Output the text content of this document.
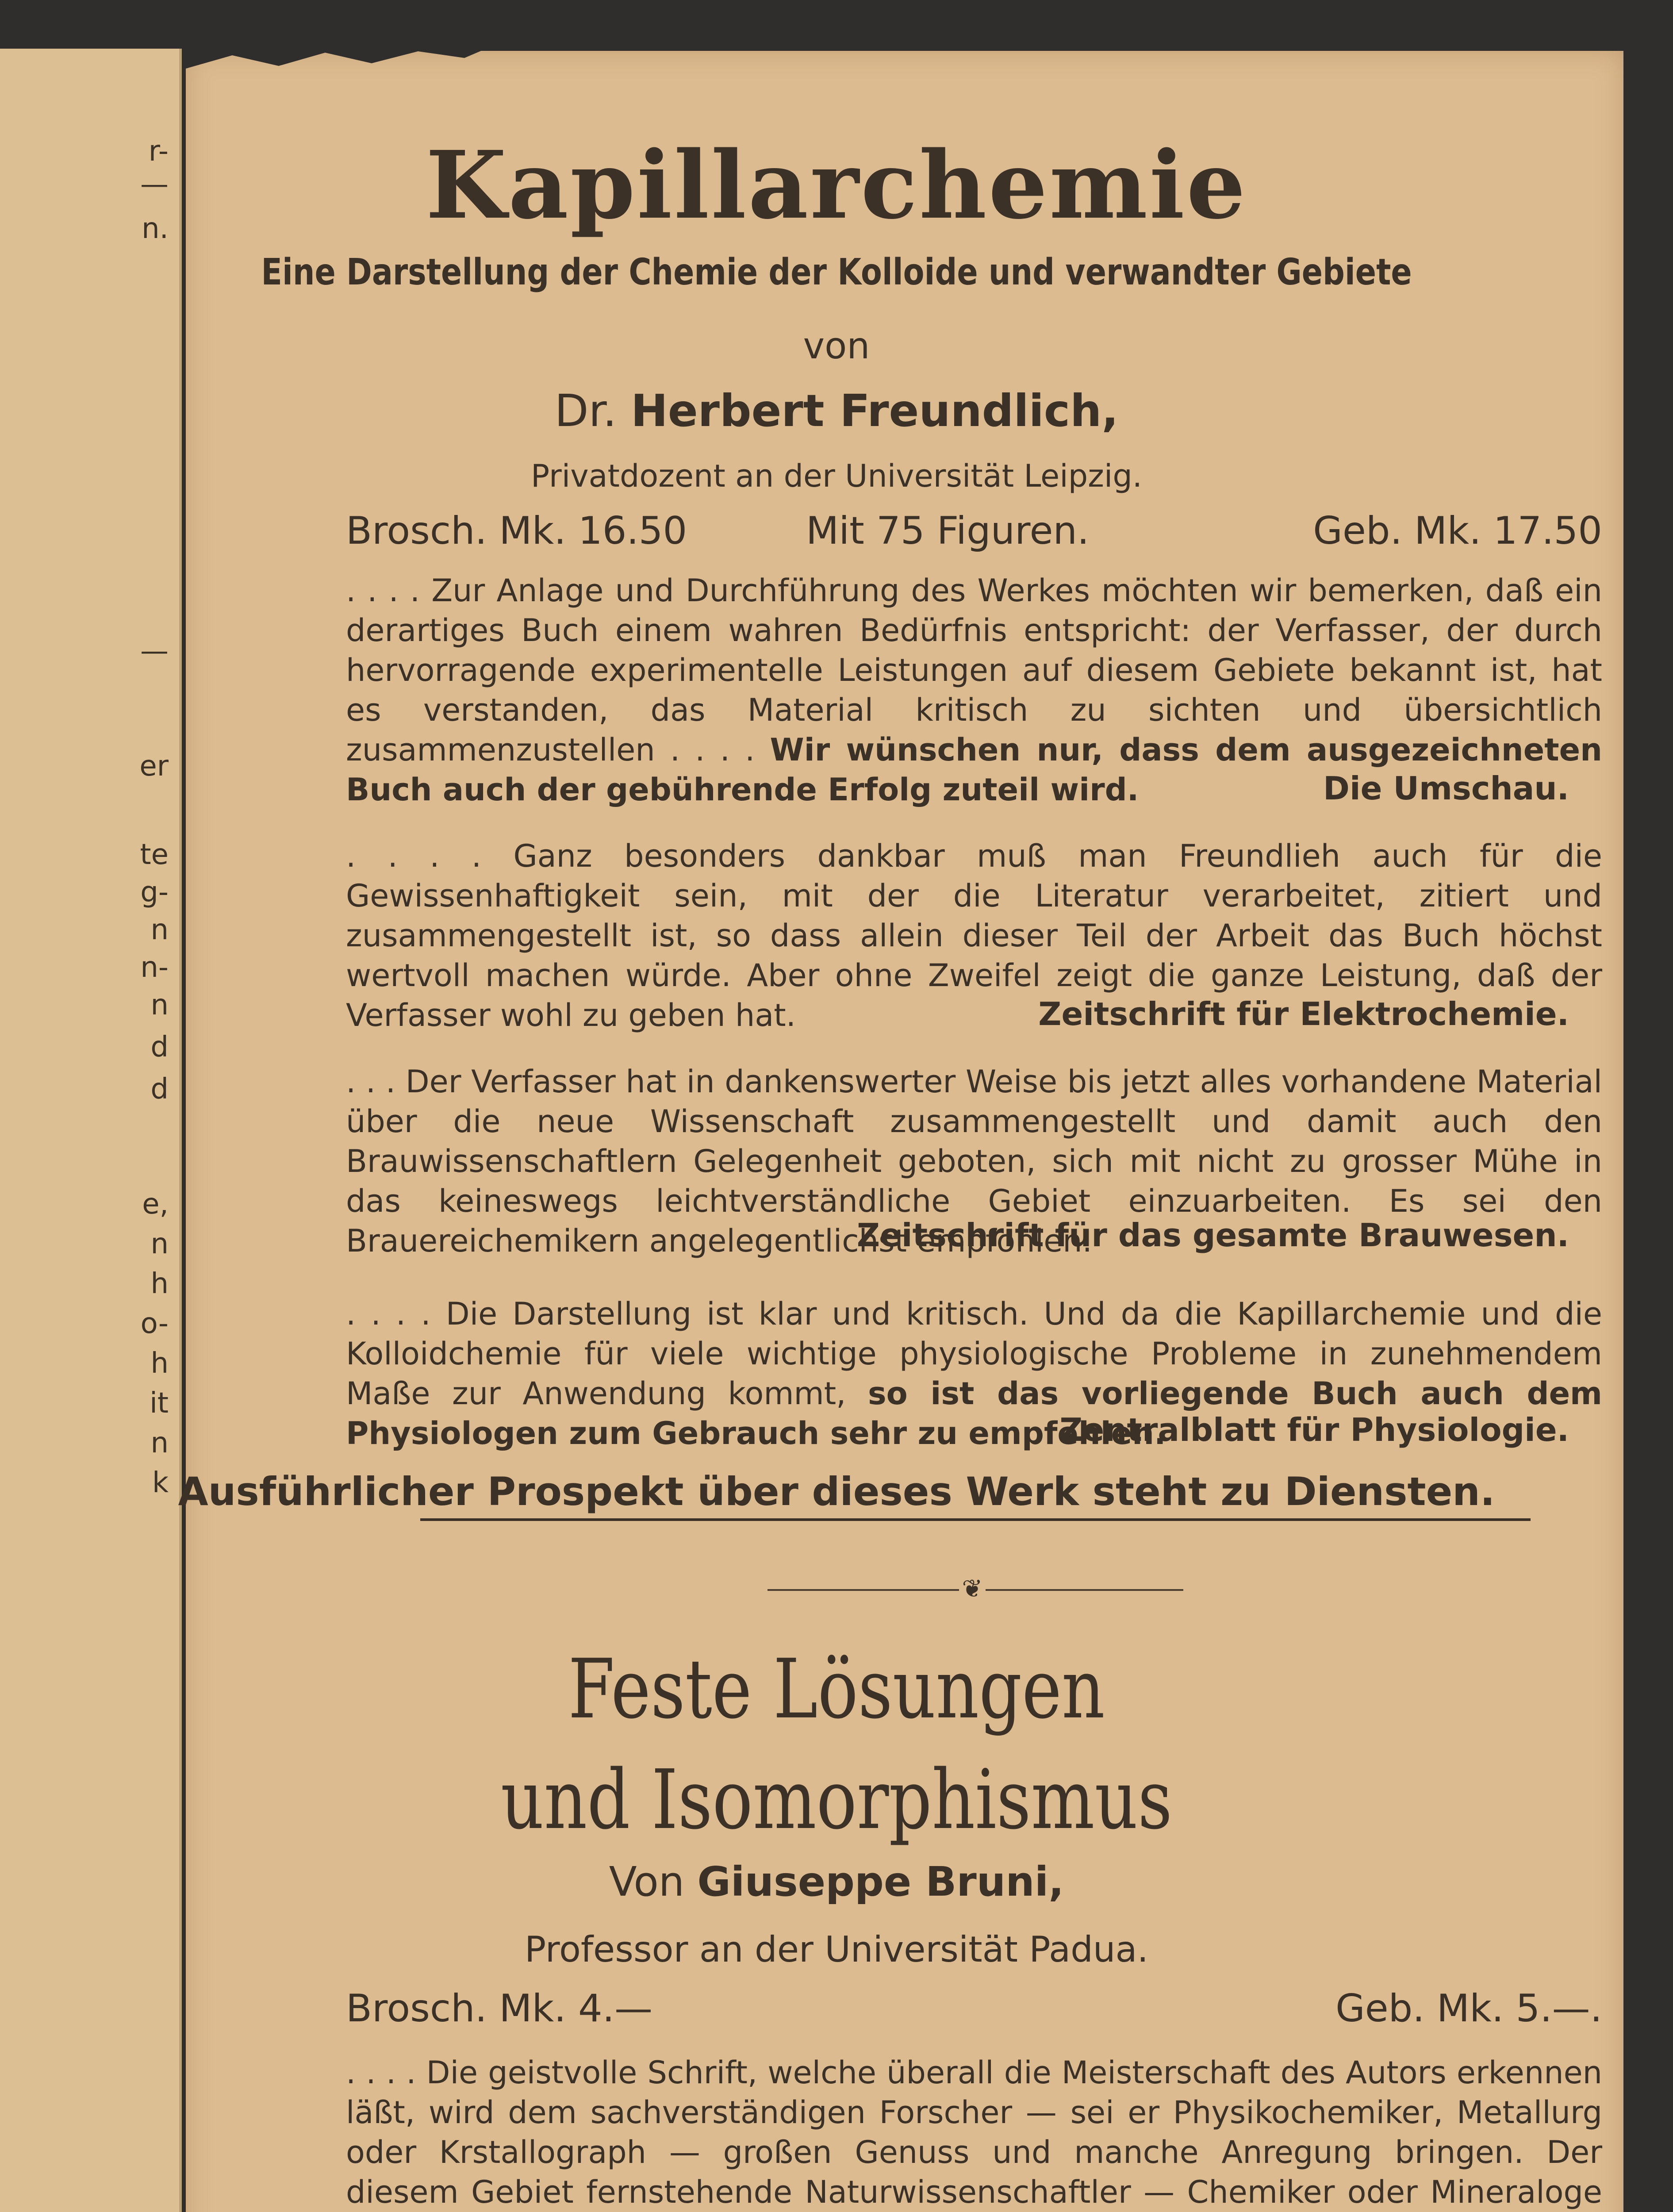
r-
—
n.
—
er
te
g-
n
n-
n
d
d
e,
n
h
o-
h
it
n
k
Kapillarchemie
Eine Darstellung der Chemie der Kolloide und verwandter Gebiete
von
Dr. Herbert Freundlich,
Privatdozent an der Universität Leipzig.
Brosch. Mk. 16.50	Mit 75 Figuren.	Geb. Mk. 17.50
. . . . Zur Anlage und Durchführung des Werkes möchten wir bemerken, daß ein derartiges Buch einem wahren Bedürfnis entspricht: der Verfasser, der durch hervorragende experimentelle Leistungen auf diesem Gebiete bekannt ist, hat es verstanden, das Material kritisch zu sichten und übersichtlich zusammenzustellen . . . . Wir wünschen nur, dass dem ausgezeichneten Buch auch der gebührende Erfolg zuteil wird.	Die Umschau.
. . . . Ganz besonders dankbar muß man Freundlieh auch für die Gewissenhaftigkeit sein, mit der die Literatur verarbeitet, zitiert und zusammengestellt ist, so dass allein dieser Teil der Arbeit das Buch höchst wertvoll machen würde. Aber ohne Zweifel zeigt die ganze Leistung, daß der Verfasser wohl zu geben hat.	Zeitschrift für Elektrochemie.
. . . Der Verfasser hat in dankenswerter Weise bis jetzt alles vorhandene Material über die neue Wissenschaft zusammengestellt und damit auch den Brauwissenschaftlern Gelegenheit geboten, sich mit nicht zu grosser Mühe in das keineswegs leichtverständliche Gebiet einzuarbeiten. Es sei den Brauereichemikern angelegentlichst empfohlen.
Zeitschrift für das gesamte Brauwesen.
. . . . Die Darstellung ist klar und kritisch. Und da die Kapillarchemie und die Kolloidchemie für viele wichtige physiologische Probleme in zunehmendem Maße zur Anwendung kommt, so ist das vorliegende Buch auch dem Physiologen zum Gebrauch sehr zu empfehlen.
Zentralblatt für Physiologie.
Ausführlicher Prospekt über dieses Werk steht zu Diensten.
❦
Feste Lösungen
und Isomorphismus
Von Giuseppe Bruni,
Professor an der Universität Padua.
Brosch. Mk. 4.—	Geb. Mk. 5.—.
. . . . Die geistvolle Schrift, welche überall die Meisterschaft des Autors erkennen läßt, wird dem sachverständigen Forscher — sei er Physikochemiker, Metallurg oder Krstallograph — großen Genuss und manche Anregung bringen. Der diesem Gebiet fernstehende Naturwissenschaftler — Chemiker oder Mineraloge
